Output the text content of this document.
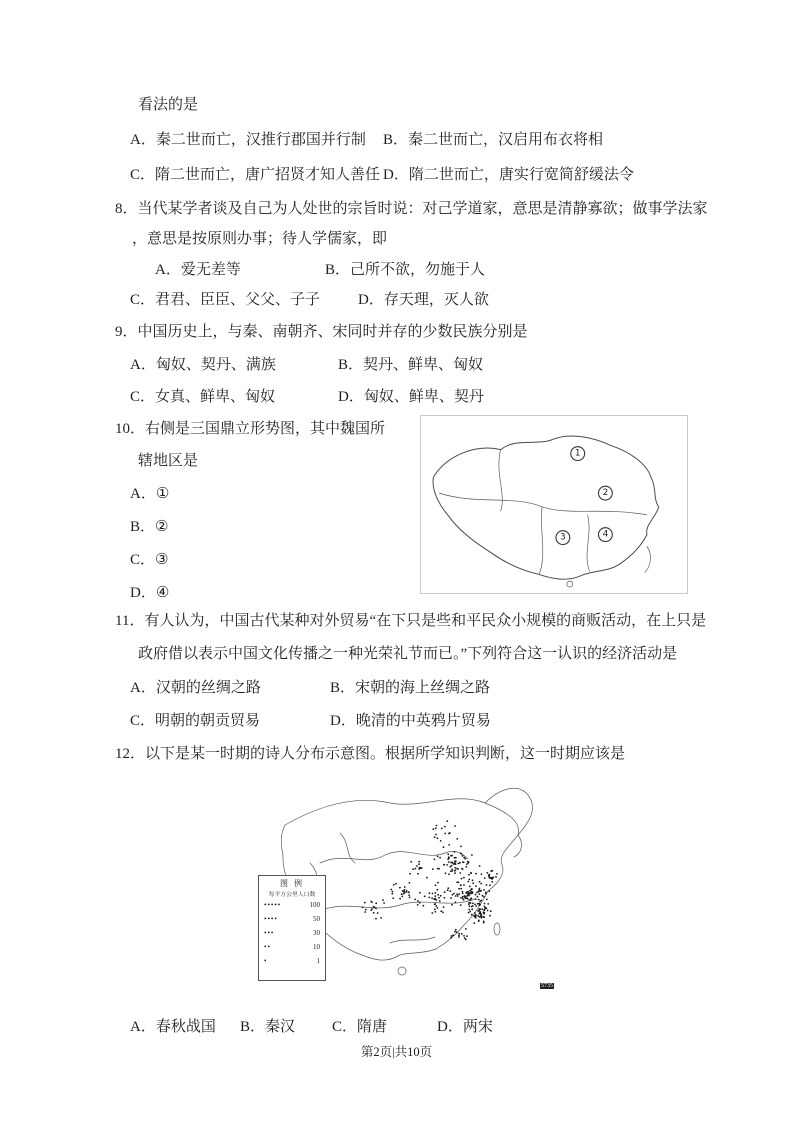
看法的是
A．秦二世而亡，汉推行郡国并行制 B．秦二世而亡，汉启用布衣将相
C．隋二世而亡，唐广招贤才知人善任 D．隋二世而亡，唐实行宽简舒缓法令
8．当代某学者谈及自己为人处世的宗旨时说：对己学道家，意思是清静寡欲；做事学法家
，意思是按原则办事；待人学儒家，即
A．爱无差等	B．己所不欲，勿施于人
C．君君、臣臣、父父、子子	D．存天理，灭人欲
9．中国历史上，与秦、南朝齐、宋同时并存的少数民族分别是
A．匈奴、契丹、满族	B．契丹、鲜卑、匈奴
C．女真、鲜卑、匈奴	D．匈奴、鲜卑、契丹
10．右侧是三国鼎立形势图，其中魏国所
辖地区是
A．①
B．②
C．③
D．④
1
2
3	4
11．有人认为，中国古代某种对外贸易“在下只是些和平民众小规模的商贩活动，在上只是
政府借以表示中国文化传播之一种光荣礼节而已。”下列符合这一认识的经济活动是
A．汉朝的丝绸之路	B．宋朝的海上丝绸之路
C．明朝的朝贡贸易	D．晚清的中英鸦片贸易
12．以下是某一时期的诗人分布示意图。根据所学知识判断，这一时期应该是
图 例
每平方公里人口数
•••••	100
••••	50
•••	30
••	10
•	1
5735
A．春秋战国 B．秦汉 C．隋唐	D．两宋
第2页|共10页
